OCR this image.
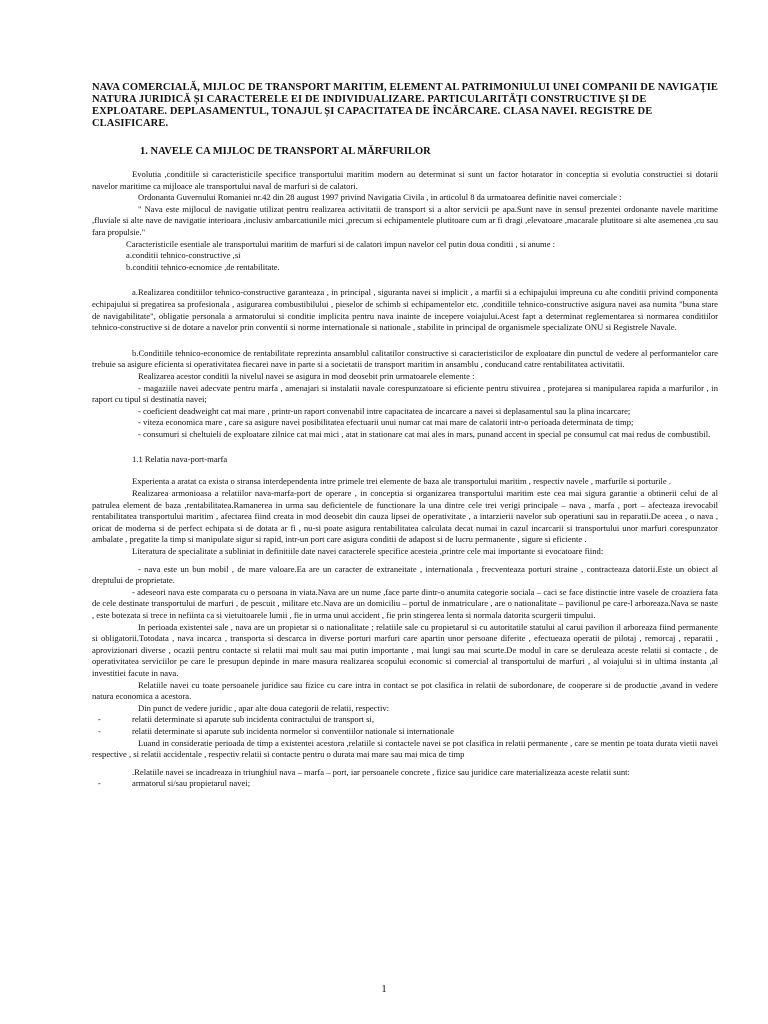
NAVA COMERCIALĂ, MIJLOC DE TRANSPORT MARITIM, ELEMENT AL PATRIMONIULUI UNEI COMPANII DE NAVIGAȚIE NATURA JURIDICĂ ȘI CARACTERELE EI DE INDIVIDUALIZARE. PARTICULARITĂȚI CONSTRUCTIVE ȘI DE EXPLOATARE. DEPLASAMENTUL, TONAJUL ȘI CAPACITATEA DE ÎNCĂRCARE. CLASA NAVEI. REGISTRE DE CLASIFICARE.
1. NAVELE CA MIJLOC DE TRANSPORT AL MĂRFURILOR

Evolutia ,conditiile si caracteristicile specifice transportului maritim modern au determinat si sunt un factor hotarator in conceptia si evolutia constructiei si dotarii navelor maritime ca mijloace ale transportului naval de marfuri si de calatori.

Ordonanta Guvernului Romaniei nr.42 din 28 august 1997 privind Navigatia Civila , in articolul 8 da urmatoarea definitie navei comerciale :

" Nava este mijlocul de navigatie utilizat pentru realizarea activitatii de transport si a altor servicii pe apa.Sunt nave in sensul prezentei ordonante navele maritime ,fluviale si alte nave de navigatie interioara ,inclusiv ambarcatiunile mici ,precum si echipamentele plutitoare cum ar fi dragi ,elevatoare ,macarale plutitoare si alte asemenea ,cu sau fara propulsie."

Caracteristicile esentiale ale transportului maritim de marfuri si de calatori impun navelor cel putin doua conditii , si anume :

a.conditii tehnico-constructive ,si

b.conditii tehnico-ecnomice ,de rentabilitate.

a.Realizarea conditiilor tehnico-constructive garanteaza , in principal , siguranta navei si implicit , a marfii si a echipajului impreuna cu alte conditii privind componenta echipajului si pregatirea sa profesionala , asigurarea combustibilului , pieselor de schimb si echipamentelor etc. ,conditiile tehnico-constructive asigura navei asa numita "buna stare de navigabilitate", obligatie personala a armatorului si conditie implicita pentru nava inainte de incepere voiajului.Acest fapt a determinat reglementarea si normarea conditiilor tehnico-constructive si de dotare a navelor prin conventii si norme internationale si nationale , stabilite in principal de organismele specializate ONU si Registrele Navale.

b.Conditiile tehnico-economice de rentabilitate reprezinta ansamblul calitatilor constructive si caracteristicilor de exploatare din punctul de vedere al performantelor care trebuie sa asigure eficienta si operativitatea fiecarei nave in parte si a societatii de transport maritim in ansamblu , conducand catre rentabilitatea activitatii.

Realizarea acestor conditii la nivelul navei se asigura in mod deosebit prin urmatoarele elemente :

- magaziile navei adecvate pentru marfa , amenajari si instalatii navale corespunzatoare si eficiente pentru stivuirea , protejarea si manipularea rapida a marfurilor , in raport cu tipul si destinatia navei;

- coeficient deadweight cat mai mare , printr-un raport convenabil intre capacitatea de incarcare a navei si deplasamentul sau la plina incarcare;

- viteza economica mare , care sa asigure navei posibilitatea efectuarii unui numar cat mai mare de calatorii intr-o perioada determinata de timp;

- consumuri si cheltuieli de exploatare zilnice cat mai mici , atat in stationare cat mai ales in mars, punand accent in special pe consumul cat mai redus de combustibil.

1.1 Relatia nava-port-marfa

Experienta a aratat ca exista o stransa interdependenta intre primele trei elemente de baza ale transportului maritim , respectiv navele , marfurile si porturile .

Realizarea armonioasa a relatiilor nava-marfa-port de operare , in conceptia si organizarea transportului maritim este cea mai sigura garantie a obtinerii celui de al patrulea element de baza ,rentabilitatea.Ramanerea in urma sau deficientele de functionare la una dintre cele trei verigi principale – nava , marfa , port – afecteaza irevocabil rentabilitatea transportului maritim , afectarea fiind creata in mod deosebit din cauza lipsei de operativitate , a intarzierii navelor sub operatiuni sau in reparatii.De aceea , o nava , oricat de moderna si de perfect echipata si de dotata ar fi , nu-si poate asigura rentabilitatea calculata decat numai in cazul incarcarii si transportului unor marfuri corespunzator ambalate , pregatite la timp si manipulate sigur si rapid, intr-un port care asigura conditii de adapost si de lucru permanente , sigure si eficiente .

Literatura de specialitate a subliniat in definitiile date navei caracterele specifice acesteia ,printre cele mai importante si evocatoare fiind:

- nava este un bun mobil , de mare valoare.Ea are un caracter de extraneitate , internationala , frecventeaza porturi straine , contracteaza datorii.Este un obiect al dreptului de proprietate.

- adeseori nava este comparata cu o persoana in viata.Nava are un nume ,face parte dintr-o anumita categorie sociala – caci se face distinctie intre vasele de croaziera fata de cele destinate transportului de marfuri , de pescuit , militare etc.Nava are un domiciliu – portul de inmatriculare , are o nationalitate – pavilionul pe care-l arboreaza.Nava se naste , este botezata si trece in nefiinta ca si vietuitoarele lumii , fie in urma unui accident , fie prin stingerea lenta si normala datorita scurgerii timpului.

In perioada existentei sale , nava are un propietar si o nationalitate ; relatiile sale cu propietarul si cu autoritatile statului al carui pavilion il arboreaza fiind permanente si obligatorii.Totodata , nava incarca , transporta si descarca in diverse porturi marfuri care apartin unor persoane diferite , efectueaza operatii de pilotaj , remorcaj , reparatii , aprovizionari diverse , ocazii pentru contacte si relatii mai mult sau mai putin importante , mai lungi sau mai scurte.De modul in care se deruleaza aceste relatii si contacte , de operativitatea serviciilor pe care le presupun depinde in mare masura realizarea scopului economic si comercial al transportului de marfuri , al voiajului si in ultima instanta ,al investitiei facute in nava.

Relatiile navei cu toate persoanele juridice sau fizice cu care intra in contact se pot clasifica in relatii de subordonare, de cooperare si de productie ,avand in vedere natura economica a acestora.

Din punct de vedere juridic , apar alte doua categorii de relatii, respectiv:

-	relatii determinate si aparute sub incidenta contractului de transport si,
-	relatii determinate si aparute sub incidenta normelor si conventiilor nationale si internationale

Luand in consideratie perioada de timp a existentei acestora ,relatiile si contactele navei se pot clasifica in relatii permanente , care se mentin pe toata durata vietii navei respective , si relatii accidentale , respectiv relatii si contacte pentru o durata mai mare sau mai mica de timp

.Relatiile navei se incadreaza in triunghiul nava – marfa – port, iar persoanele concrete , fizice sau juridice care materializeaza aceste relatii sunt:

-	armatorul si/sau propietarul navei;
1
